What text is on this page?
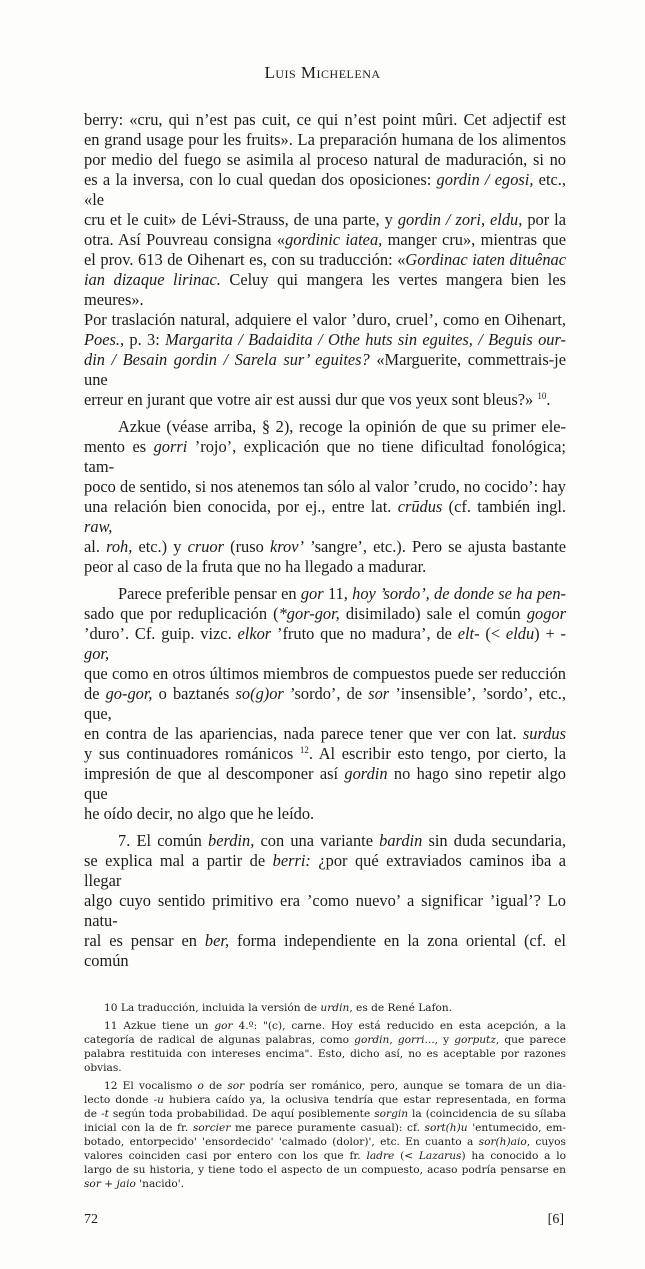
Luis Michelena
berry: «cru, qui n’est pas cuit, ce qui n’est point mûri. Cet adjectif est
en grand usage pour les fruits». La preparación humana de los alimentos
por medio del fuego se asimila al proceso natural de maduración, si no
es a la inversa, con lo cual quedan dos oposiciones: gordin / egosi, etc., «le
cru et le cuit» de Lévi-Strauss, de una parte, y gordin / zori, eldu, por la
otra. Así Pouvreau consigna «gordinic iatea, manger cru», mientras que
el prov. 613 de Oihenart es, con su traducción: «Gordinac iaten dituênac
ian dizaque lirinac. Celuy qui mangera les vertes mangera bien les meures».
Por traslación natural, adquiere el valor ’duro, cruel’, como en Oihenart,
Poes., p. 3: Margarita / Badaidita / Othe huts sin eguites, / Beguis our-
din / Besain gordin / Sarela sur’ eguites? «Marguerite, commettrais-je une
erreur en jurant que votre air est aussi dur que vos yeux sont bleus?» $^{10}$.
Azkue (véase arriba, § 2), recoge la opinión de que su primer ele-
mento es gorri ’rojo’, explicación que no tiene dificultad fonológica; tam-
poco de sentido, si nos atenemos tan sólo al valor ’crudo, no cocido’: hay
una relación bien conocida, por ej., entre lat. crūdus (cf. también ingl. raw,
al. roh, etc.) y cruor (ruso krov’ ’sangre’, etc.). Pero se ajusta bastante
peor al caso de la fruta que no ha llegado a madurar.
Parece preferible pensar en gor 11, hoy ’sordo’, de donde se ha pen-
sado que por reduplicación (*gor-gor, disimilado) sale el común gogor
’duro’. Cf. guip. vizc. elkor ’fruto que no madura’, de elt- (< eldu) + -gor,
que como en otros últimos miembros de compuestos puede ser reducción
de go-gor, o baztanés so(g)or ’sordo’, de sor ’insensible’, ’sordo’, etc., que,
en contra de las apariencias, nada parece tener que ver con lat. surdus
y sus continuadores románicos $^{12}$. Al escribir esto tengo, por cierto, la
impresión de que al descomponer así gordin no hago sino repetir algo que
he oído decir, no algo que he leído.
7. El común berdin, con una variante bardin sin duda secundaria,
se explica mal a partir de berri: ¿por qué extraviados caminos iba a llegar
algo cuyo sentido primitivo era ’como nuevo’ a significar ’igual’? Lo natu-
ral es pensar en ber, forma independiente en la zona oriental (cf. el común
10 La traducción, incluida la versión de urdin, es de René Lafon.
11 Azkue tiene un gor 4.º: "(c), carne. Hoy está reducido en esta acepción, a la
categoría de radical de algunas palabras, como gordin, gorri..., y gorputz, que parece
palabra restituida con intereses encima". Esto, dicho así, no es aceptable por razones
obvias.
12 El vocalismo o de sor podría ser románico, pero, aunque se tomara de un dia-
lecto donde -u hubiera caído ya, la oclusiva tendría que estar representada, en forma
de -t según toda probabilidad. De aquí posiblemente sorgin la (coincidencia de su sílaba
inicial con la de fr. sorcier me parece puramente casual): cf. sort(h)u 'entumecido, em-
botado, entorpecido' 'ensordecido' 'calmado (dolor)', etc. En cuanto a sor(h)aio, cuyos
valores coinciden casi por entero con los que fr. ladre (< Lazarus) ha conocido a lo
largo de su historia, y tiene todo el aspecto de un compuesto, acaso podría pensarse en
sor + jaio 'nacido'.
72	[6]
